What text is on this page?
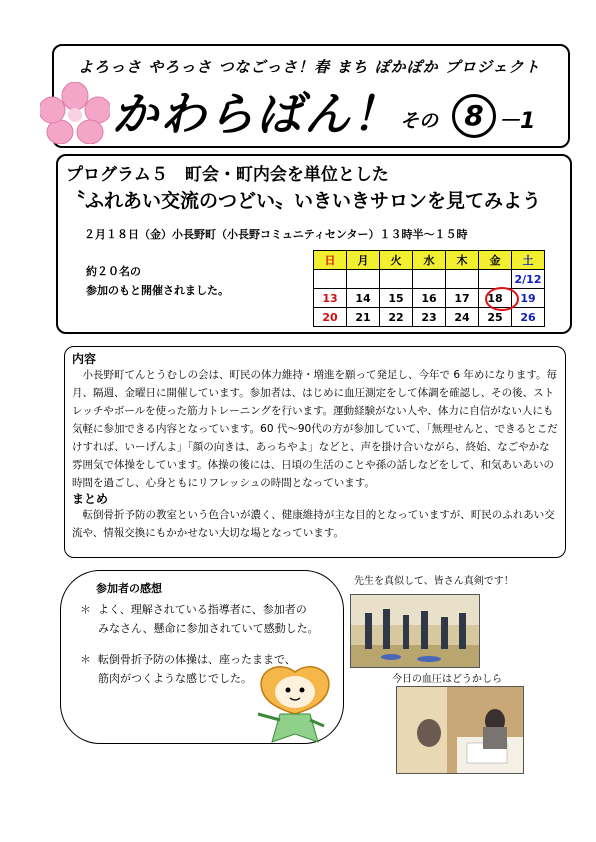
よろっさ やろっさ つなごっさ！春 まち ぽかぽか プロジェクト
かわらばん！ その 8 －1
プログラム５　町会・町内会を単位とした
〝ふれあい交流のつどい〟いきいきサロンを見てみよう
２月１８日（金）小長野町（小長野コミュニティセンター）１３時半～１５時
約２０名の
参加のもと開催されました。
日	月	火	水	木	金	土
						2/12
13	14	15	16	17	18	19
20	21	22	23	24	25	26
内容
小長野町てんとうむしの会は、町民の体力維持・増進を願って発足し、今年で 6 年めになります。毎月、隔週、金曜日に開催しています。参加者は、はじめに血圧測定をして体調を確認し、その後、ストレッチやボールを使った筋力トレーニングを行います。運動経験がない人や、体力に自信がない人にも気軽に参加できる内容となっています。60 代～90代の方が参加していて、「無理せんと、できるとこだけすれば、いーげんよ」「顔の向きは、あっちやよ」などと、声を掛け合いながら、終始、なごやかな雰囲気で体操をしています。体操の後には、日頃の生活のことや孫の話しなどをして、和気あいあいの時間を過ごし、心身ともにリフレッシュの時間となっています。
まとめ
転倒骨折予防の教室という色合いが濃く、健康維持が主な目的となっていますが、町民のふれあい交流や、情報交換にもかかせない大切な場となっています。
参加者の感想
＊ よく、理解されている指導者に、参加者の
みなさん、懸命に参加されていて感動した。
＊ 転倒骨折予防の体操は、座ったままで、
筋肉がつくような感じでした。
先生を真似して、皆さん真剣です！
今日の血圧はどうかしら
